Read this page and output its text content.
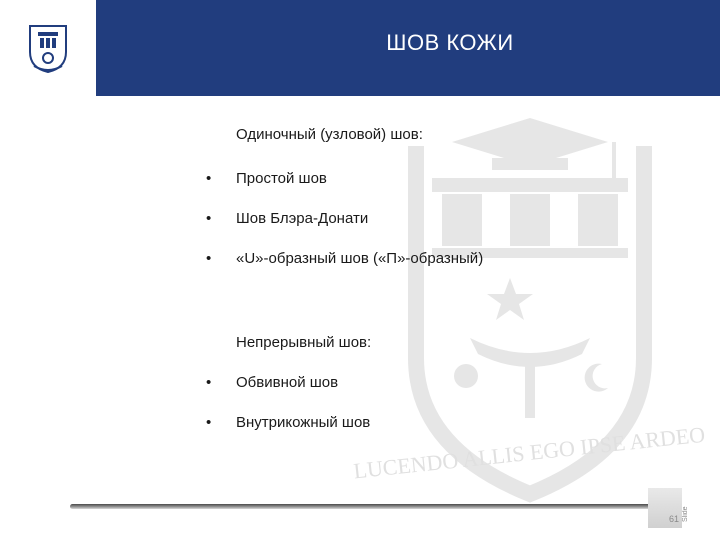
ШОВ КОЖИ
LUCENDO ALLIS EGO IPSE ARDEO
Одиночный (узловой) шов:
•	Простой шов
•	Шов Блэра-Донати
•	«U»-образный шов («П»-образный)
Непрерывный шов:
•	Обвивной шов
•	Внутрикожный шов
61 Slide
